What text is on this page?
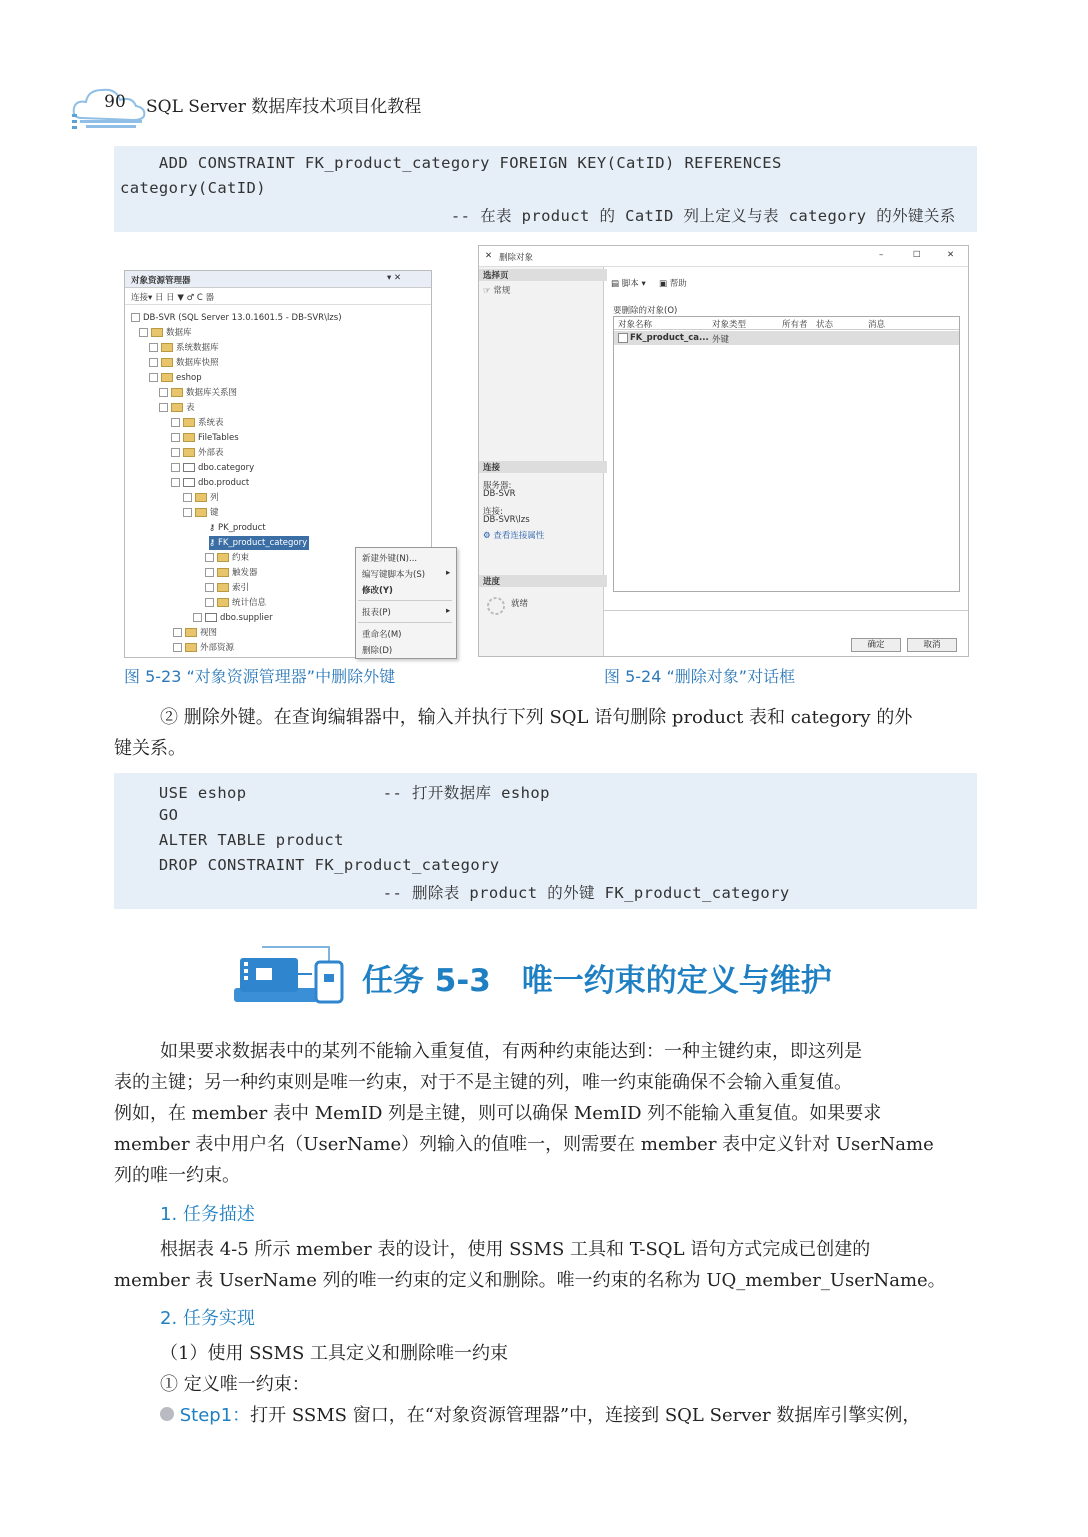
90	SQL Server 数据库技术项目化教程
ADD CONSTRAINT FK_product_category FOREIGN KEY(CatID) REFERENCES
category(CatID)
-- 在表 product 的 CatID 列上定义与表 category 的外键关系
对象资源管理器	▾ ✕
连接▾ 日 日 ▼ ♂ C 器
DB-SVR (SQL Server 13.0.1601.5 - DB-SVR\lzs)
数据库
系统数据库
数据库快照
eshop
数据库关系图
表
系统表
FileTables
外部表
dbo.category
dbo.product
列
键
⚷ PK_product
⚷ FK_product_category
约束
触发器
索引
统计信息
dbo.supplier
视图
外部资源
新建外键(N)...
编写键脚本为(S) ▸
修改(Y)
报表(P)	▸
重命名(M)
删除(D)
✕ 删除对象	–	☐	✕
选择页
☞ 常规
连接
服务器:
DB-SVR
连接:
DB-SVR\lzs
⚙ 查看连接属性
进度
就绪
▤ 脚本 ▾ ▣ 帮助
要删除的对象(O)
对象名称	对象类型	所有者 状态	消息
FK_product_ca... 外键
确定	取消
图 5-23 “对象资源管理器”中删除外键	图 5-24 “删除对象”对话框
② 删除外键。在查询编辑器中，输入并执行下列 SQL 语句删除 product 表和 category 的外
键关系。
USE eshop              -- 打开数据库 eshop
GO
ALTER TABLE product
DROP CONSTRAINT FK_product_category
-- 删除表 product 的外键 FK_product_category
任务 5-3　唯一约束的定义与维护
如果要求数据表中的某列不能输入重复值，有两种约束能达到：一种主键约束，即这列是
表的主键；另一种约束则是唯一约束，对于不是主键的列，唯一约束能确保不会输入重复值。
例如，在 member 表中 MemID 列是主键，则可以确保 MemID 列不能输入重复值。如果要求
member 表中用户名（UserName）列输入的值唯一，则需要在 member 表中定义针对 UserName
列的唯一约束。
1. 任务描述
根据表 4-5 所示 member 表的设计，使用 SSMS 工具和 T-SQL 语句方式完成已创建的
member 表 UserName 列的唯一约束的定义和删除。唯一约束的名称为 UQ_member_UserName。
2. 任务实现
（1）使用 SSMS 工具定义和删除唯一约束
① 定义唯一约束：
Step1：打开 SSMS 窗口，在“对象资源管理器”中，连接到 SQL Server 数据库引擎实例，
